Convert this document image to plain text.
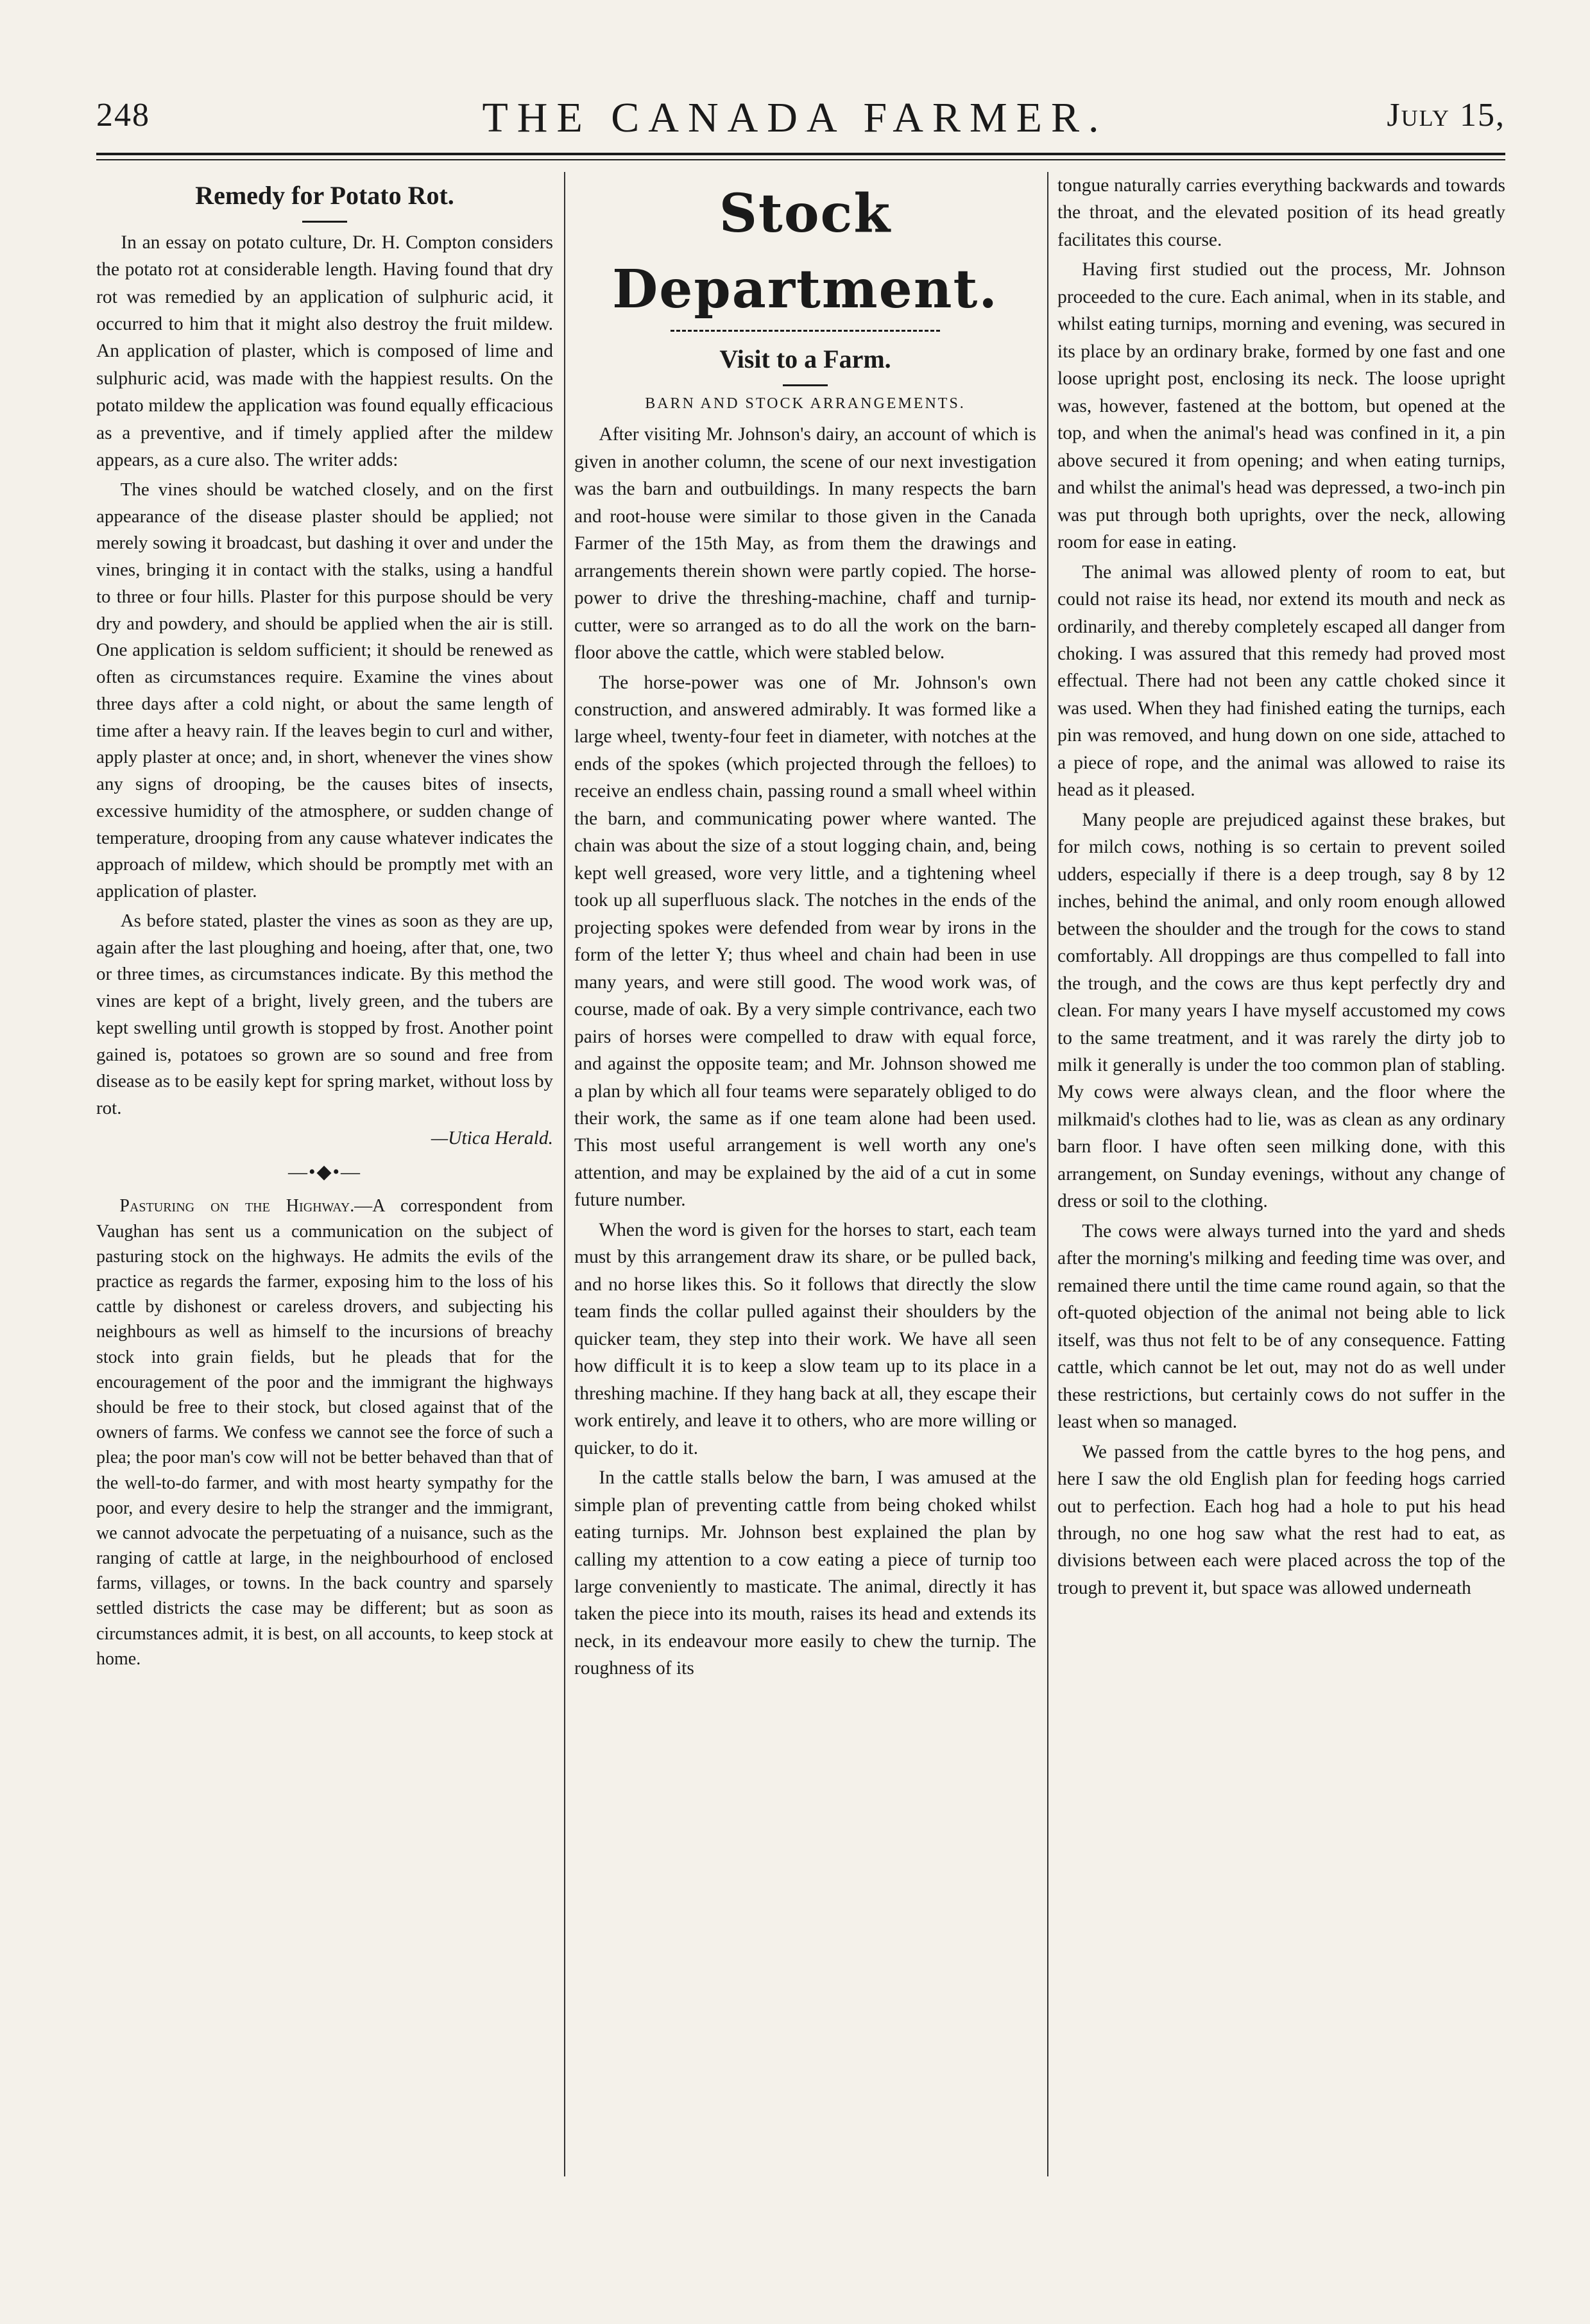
248	THE CANADA FARMER.	July 15,
Remedy for Potato Rot.

In an essay on potato culture, Dr. H. Compton considers the potato rot at considerable length. Having found that dry rot was remedied by an application of sulphuric acid, it occurred to him that it might also destroy the fruit mildew. An application of plaster, which is composed of lime and sulphuric acid, was made with the happiest results. On the potato mildew the application was found equally efficacious as a preventive, and if timely applied after the mildew appears, as a cure also. The writer adds:

The vines should be watched closely, and on the first appearance of the disease plaster should be applied; not merely sowing it broadcast, but dashing it over and under the vines, bringing it in contact with the stalks, using a handful to three or four hills. Plaster for this purpose should be very dry and powdery, and should be applied when the air is still. One application is seldom sufficient; it should be renewed as often as circumstances require. Examine the vines about three days after a cold night, or about the same length of time after a heavy rain. If the leaves begin to curl and wither, apply plaster at once; and, in short, whenever the vines show any signs of drooping, be the causes bites of insects, excessive humidity of the atmosphere, or sudden change of temperature, drooping from any cause whatever indicates the approach of mildew, which should be promptly met with an application of plaster.

As before stated, plaster the vines as soon as they are up, again after the last ploughing and hoeing, after that, one, two or three times, as circumstances indicate. By this method the vines are kept of a bright, lively green, and the tubers are kept swelling until growth is stopped by frost. Another point gained is, potatoes so grown are so sound and free from disease as to be easily kept for spring market, without loss by rot.

—Utica Herald.

—•◆•—

Pasturing on the Highway.—A correspondent from Vaughan has sent us a communication on the subject of pasturing stock on the highways. He admits the evils of the practice as regards the farmer, exposing him to the loss of his cattle by dishonest or careless drovers, and subjecting his neighbours as well as himself to the incursions of breachy stock into grain fields, but he pleads that for the encouragement of the poor and the immigrant the highways should be free to their stock, but closed against that of the owners of farms. We confess we cannot see the force of such a plea; the poor man's cow will not be better behaved than that of the well-to-do farmer, and with most hearty sympathy for the poor, and every desire to help the stranger and the immigrant, we cannot advocate the perpetuating of a nuisance, such as the ranging of cattle at large, in the neighbourhood of enclosed farms, villages, or towns. In the back country and sparsely settled districts the case may be different; but as soon as circumstances admit, it is best, on all accounts, to keep stock at home.

Stock Department.
Visit to a Farm.
BARN AND STOCK ARRANGEMENTS.

After visiting Mr. Johnson's dairy, an account of which is given in another column, the scene of our next investigation was the barn and outbuildings. In many respects the barn and root-house were similar to those given in the Canada Farmer of the 15th May, as from them the drawings and arrangements therein shown were partly copied. The horse-power to drive the threshing-machine, chaff and turnip-cutter, were so arranged as to do all the work on the barn-floor above the cattle, which were stabled below.

The horse-power was one of Mr. Johnson's own construction, and answered admirably. It was formed like a large wheel, twenty-four feet in diameter, with notches at the ends of the spokes (which projected through the felloes) to receive an endless chain, passing round a small wheel within the barn, and communicating power where wanted. The chain was about the size of a stout logging chain, and, being kept well greased, wore very little, and a tightening wheel took up all superfluous slack. The notches in the ends of the projecting spokes were defended from wear by irons in the form of the letter Y; thus wheel and chain had been in use many years, and were still good. The wood work was, of course, made of oak. By a very simple contrivance, each two pairs of horses were compelled to draw with equal force, and against the opposite team; and Mr. Johnson showed me a plan by which all four teams were separately obliged to do their work, the same as if one team alone had been used. This most useful arrangement is well worth any one's attention, and may be explained by the aid of a cut in some future number.

When the word is given for the horses to start, each team must by this arrangement draw its share, or be pulled back, and no horse likes this. So it follows that directly the slow team finds the collar pulled against their shoulders by the quicker team, they step into their work. We have all seen how difficult it is to keep a slow team up to its place in a threshing machine. If they hang back at all, they escape their work entirely, and leave it to others, who are more willing or quicker, to do it.

In the cattle stalls below the barn, I was amused at the simple plan of preventing cattle from being choked whilst eating turnips. Mr. Johnson best explained the plan by calling my attention to a cow eating a piece of turnip too large conveniently to masticate. The animal, directly it has taken the piece into its mouth, raises its head and extends its neck, in its endeavour more easily to chew the turnip. The roughness of its

tongue naturally carries everything backwards and towards the throat, and the elevated position of its head greatly facilitates this course.

Having first studied out the process, Mr. Johnson proceeded to the cure. Each animal, when in its stable, and whilst eating turnips, morning and evening, was secured in its place by an ordinary brake, formed by one fast and one loose upright post, enclosing its neck. The loose upright was, however, fastened at the bottom, but opened at the top, and when the animal's head was confined in it, a pin above secured it from opening; and when eating turnips, and whilst the animal's head was depressed, a two-inch pin was put through both uprights, over the neck, allowing room for ease in eating.

The animal was allowed plenty of room to eat, but could not raise its head, nor extend its mouth and neck as ordinarily, and thereby completely escaped all danger from choking. I was assured that this remedy had proved most effectual. There had not been any cattle choked since it was used. When they had finished eating the turnips, each pin was removed, and hung down on one side, attached to a piece of rope, and the animal was allowed to raise its head as it pleased.

Many people are prejudiced against these brakes, but for milch cows, nothing is so certain to prevent soiled udders, especially if there is a deep trough, say 8 by 12 inches, behind the animal, and only room enough allowed between the shoulder and the trough for the cows to stand comfortably. All droppings are thus compelled to fall into the trough, and the cows are thus kept perfectly dry and clean. For many years I have myself accustomed my cows to the same treatment, and it was rarely the dirty job to milk it generally is under the too common plan of stabling. My cows were always clean, and the floor where the milkmaid's clothes had to lie, was as clean as any ordinary barn floor. I have often seen milking done, with this arrangement, on Sunday evenings, without any change of dress or soil to the clothing.

The cows were always turned into the yard and sheds after the morning's milking and feeding time was over, and remained there until the time came round again, so that the oft-quoted objection of the animal not being able to lick itself, was thus not felt to be of any consequence. Fatting cattle, which cannot be let out, may not do as well under these restrictions, but certainly cows do not suffer in the least when so managed.

We passed from the cattle byres to the hog pens, and here I saw the old English plan for feeding hogs carried out to perfection. Each hog had a hole to put his head through, no one hog saw what the rest had to eat, as divisions between each were placed across the top of the trough to prevent it, but space was allowed underneath
